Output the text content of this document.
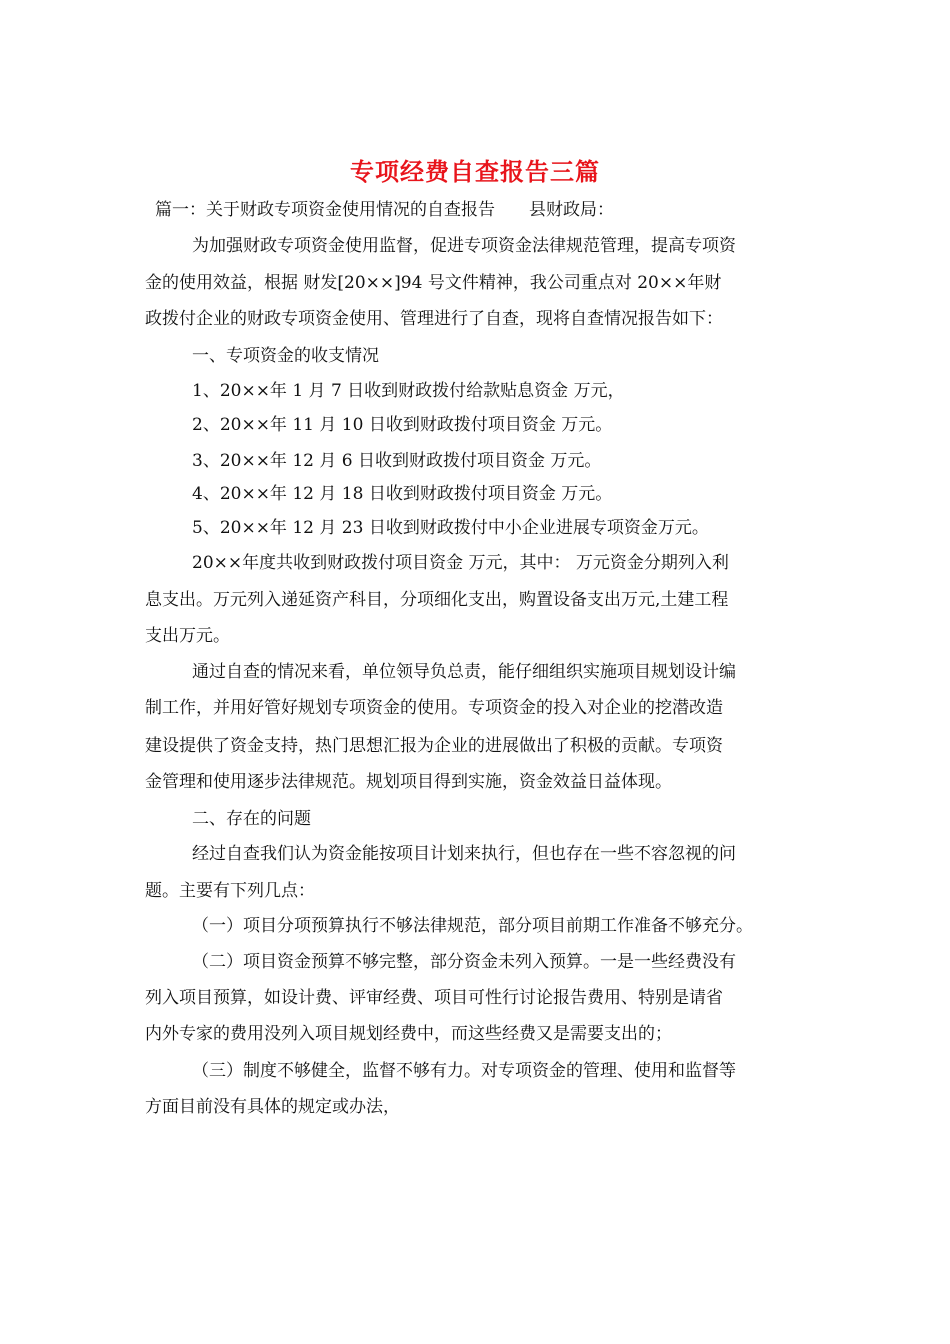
专项经费自查报告三篇
篇一：关于财政专项资金使用情况的自查报告　　县财政局：
为加强财政专项资金使用监督，促进专项资金法律规范管理，提高专项资
金的使用效益，根据 财发[20××]94 号文件精神，我公司重点对 20××年财
政拨付企业的财政专项资金使用、管理进行了自查，现将自查情况报告如下：
一、专项资金的收支情况
1、20××年 1 月 7 日收到财政拨付给款贴息资金 万元，
2、20××年 11 月 10 日收到财政拨付项目资金 万元。
3、20××年 12 月 6 日收到财政拨付项目资金 万元。
4、20××年 12 月 18 日收到财政拨付项目资金 万元。
5、20××年 12 月 23 日收到财政拨付中小企业进展专项资金万元。
20××年度共收到财政拨付项目资金 万元，其中： 万元资金分期列入利
息支出。万元列入递延资产科目，分项细化支出，购置设备支出万元,土建工程
支出万元。
通过自查的情况来看，单位领导负总责，能仔细组织实施项目规划设计编
制工作，并用好管好规划专项资金的使用。专项资金的投入对企业的挖潜改造
建设提供了资金支持，热门思想汇报为企业的进展做出了积极的贡献。专项资
金管理和使用逐步法律规范。规划项目得到实施，资金效益日益体现。
二、存在的问题
经过自查我们认为资金能按项目计划来执行，但也存在一些不容忽视的问
题。主要有下列几点：
（一）项目分项预算执行不够法律规范，部分项目前期工作准备不够充分。
（二）项目资金预算不够完整，部分资金未列入预算。一是一些经费没有
列入项目预算，如设计费、评审经费、项目可性行讨论报告费用、特别是请省
内外专家的费用没列入项目规划经费中，而这些经费又是需要支出的；
（三）制度不够健全，监督不够有力。对专项资金的管理、使用和监督等
方面目前没有具体的规定或办法，
